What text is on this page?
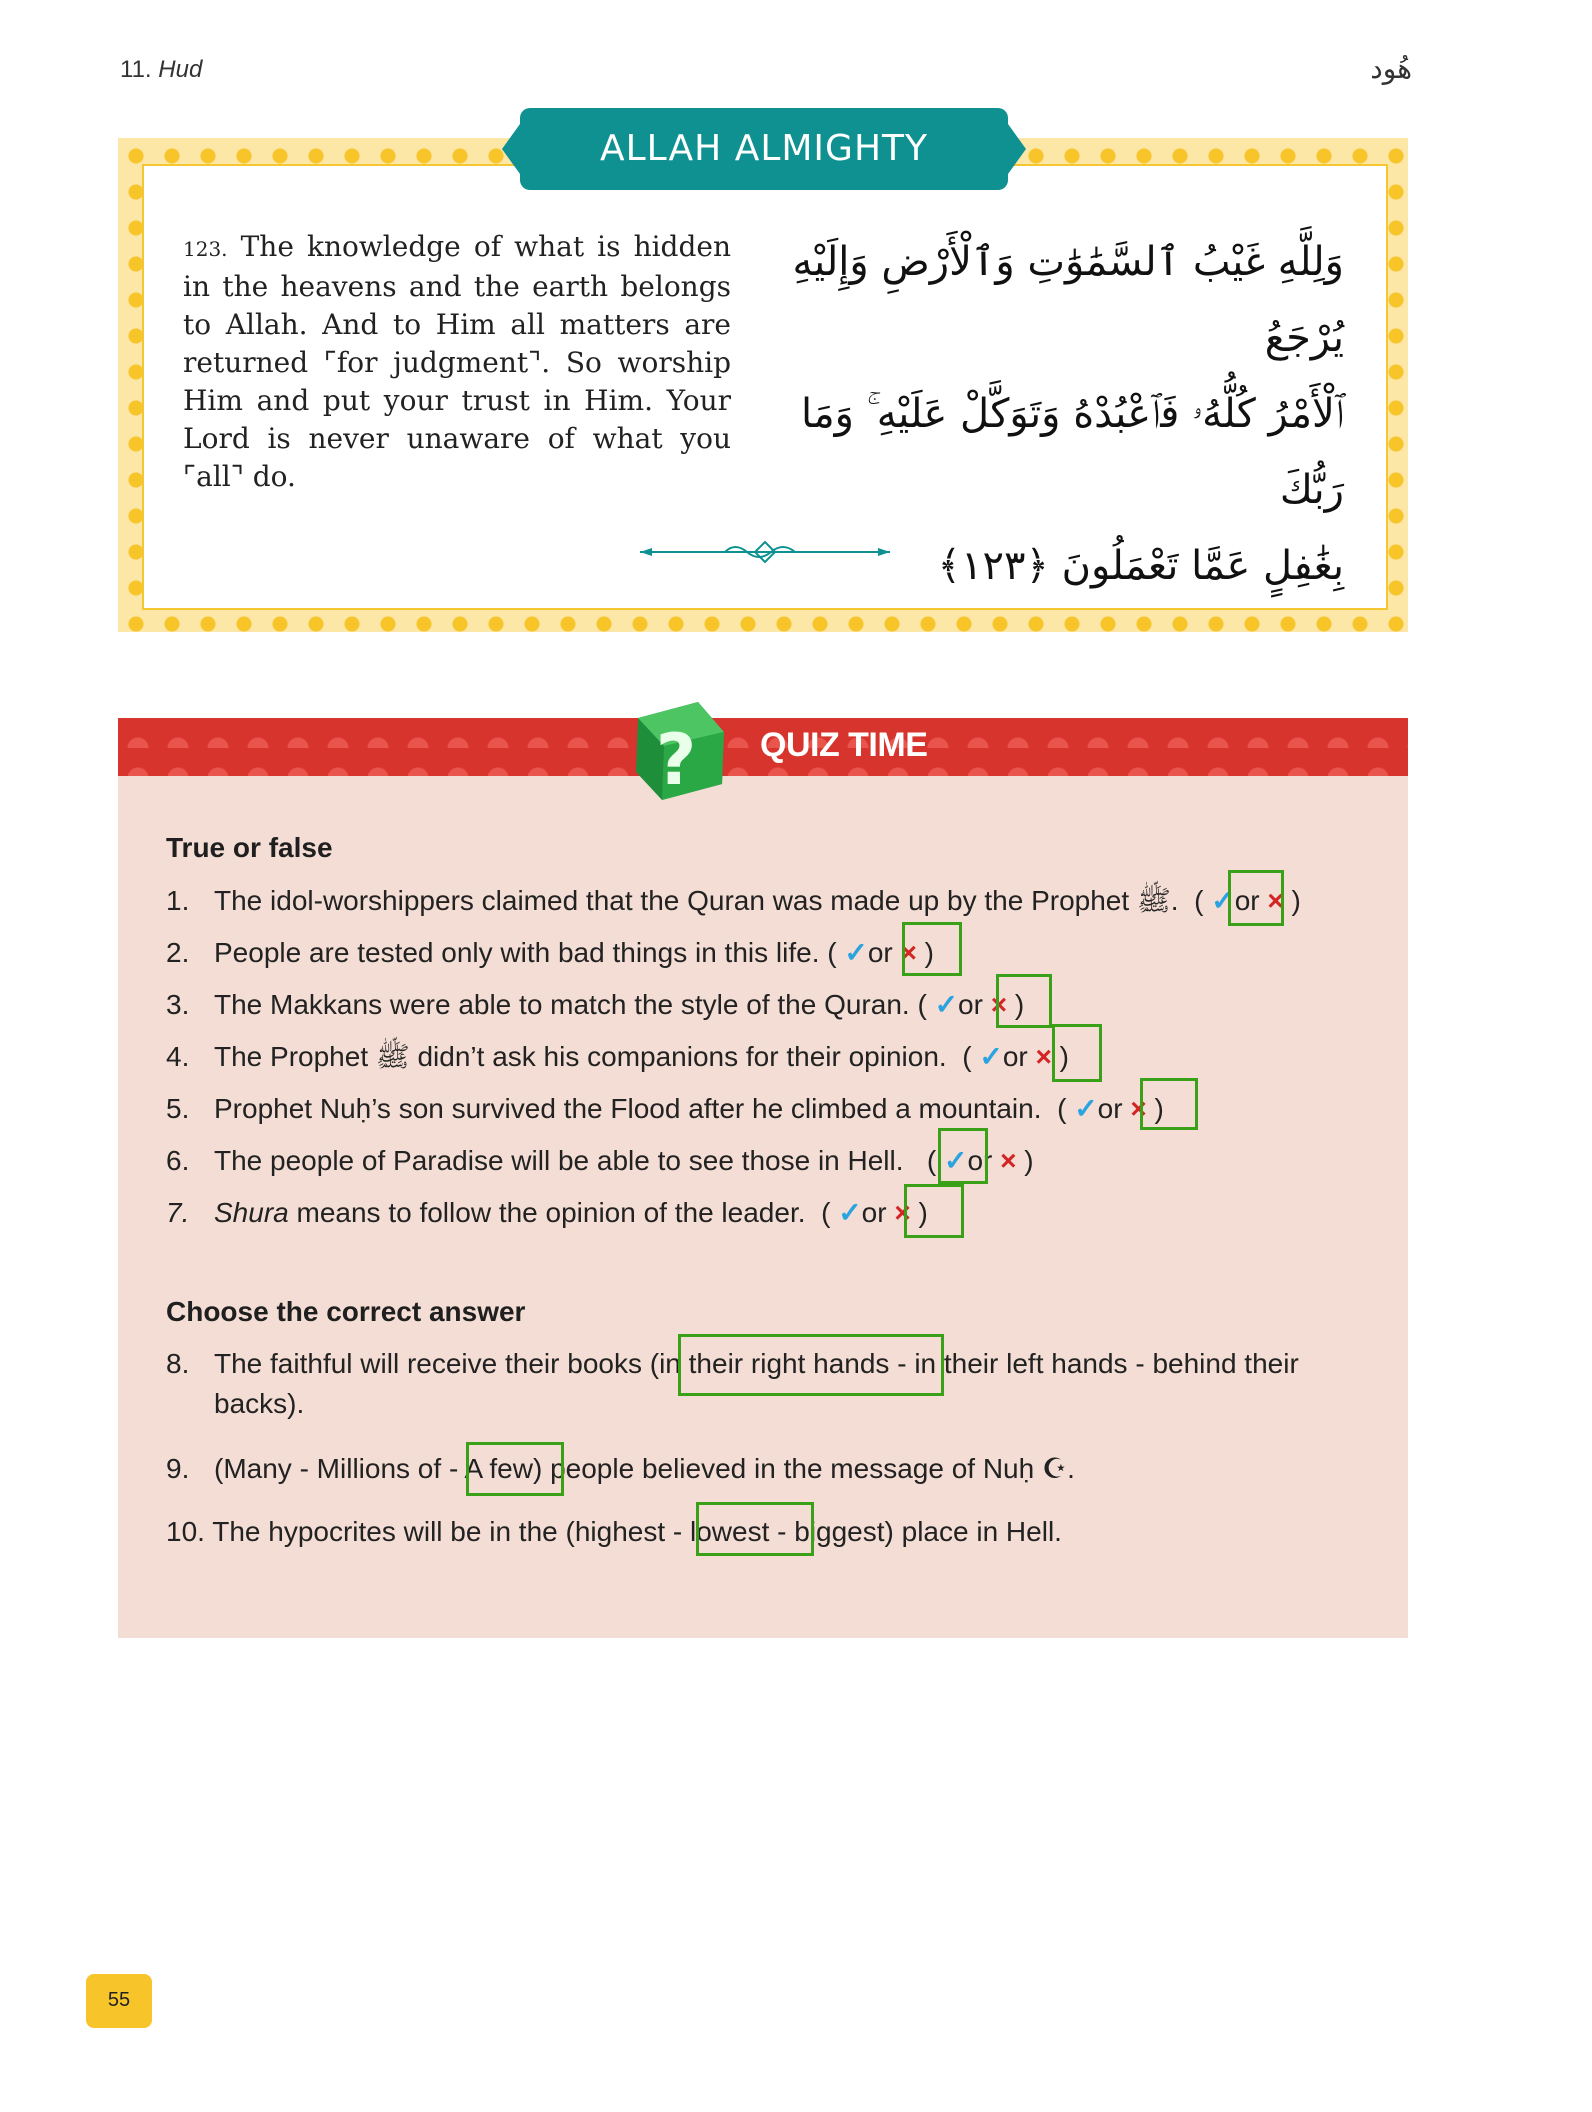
11. Hud	هُود
ALLAH ALMIGHTY
123. The knowledge of what is hidden in the heavens and the earth belongs to Allah. And to Him all matters are returned ⌜for judgment⌝. So worship Him and put your trust in Him. Your Lord is never unaware of what you ⌜all⌝ do.
وَلِلَّهِ غَيْبُ ٱلسَّمَٰوَٰتِ وَٱلْأَرْضِ وَإِلَيْهِ يُرْجَعُ
ٱلْأَمْرُ كُلُّهُۥ فَٱعْبُدْهُ وَتَوَكَّلْ عَلَيْهِ ۚ وَمَا رَبُّكَ
بِغَٰفِلٍ عَمَّا تَعْمَلُونَ ﴿١٢٣﴾
? QUIZ TIME
True or false
1. The idol-worshippers claimed that the Quran was made up by the Prophet ﷺ. ( ✓or × )
2. People are tested only with bad things in this life. ( ✓or × )
3. The Makkans were able to match the style of the Quran. ( ✓or × )
4. The Prophet ﷺ didn’t ask his companions for their opinion. ( ✓or × )
5. Prophet Nuḥ’s son survived the Flood after he climbed a mountain. ( ✓or × )
6. The people of Paradise will be able to see those in Hell. ( ✓or × )
7. Shura means to follow the opinion of the leader. ( ✓or × )
Choose the correct answer
8. The faithful will receive their books (in their right hands - in their left hands - behind their
backs).
9. (Many - Millions of - A few) people believed in the message of Nuḥ ☪.
10. The hypocrites will be in the (highest - lowest - biggest) place in Hell.
55
